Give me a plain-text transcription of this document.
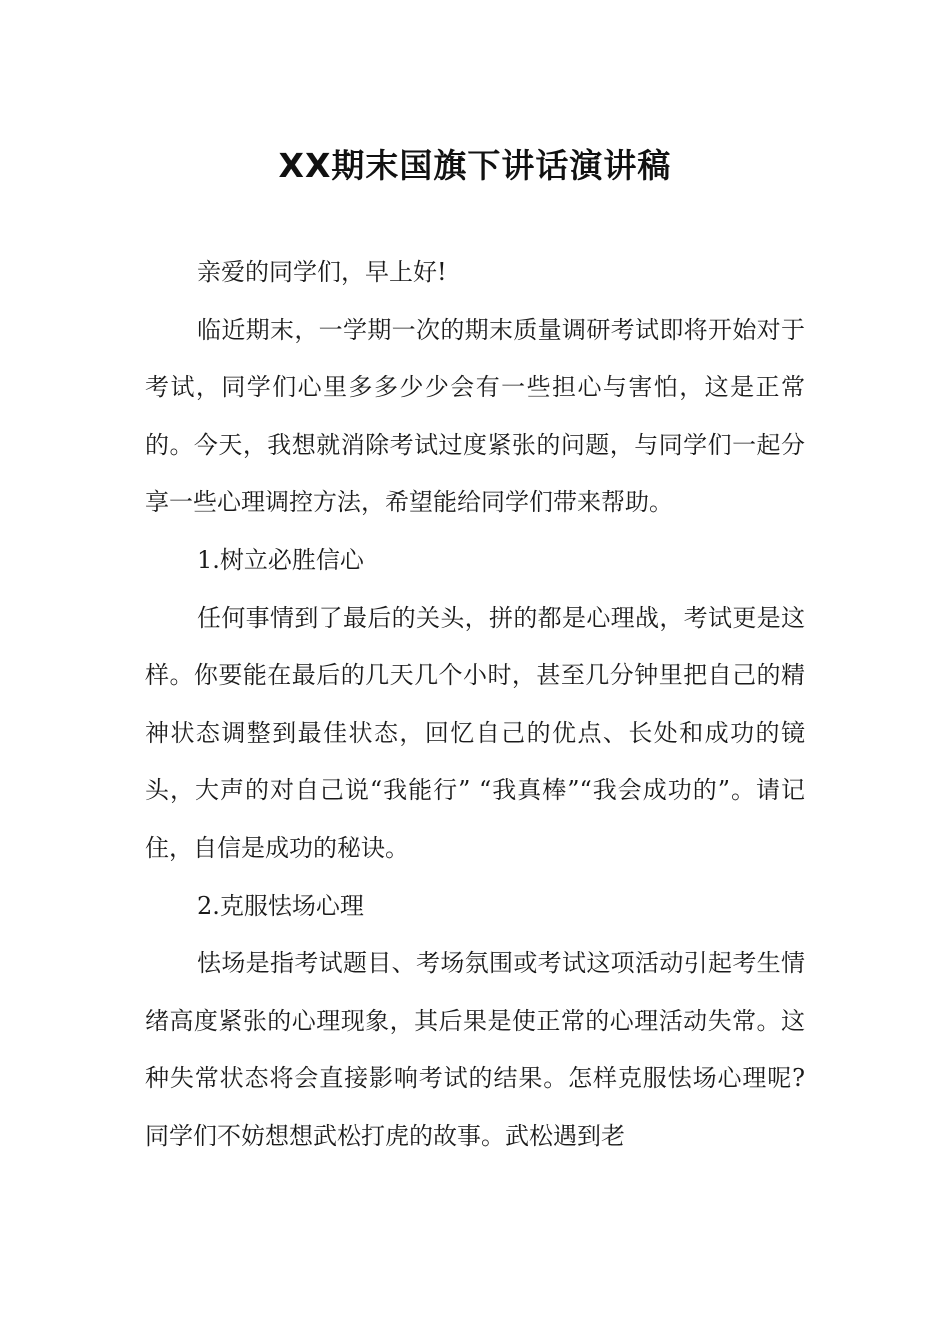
XX期末国旗下讲话演讲稿

亲爱的同学们，早上好!

临近期末，一学期一次的期末质量调研考试即将开始对于考试，同学们心里多多少少会有一些担心与害怕，这是正常的。今天，我想就消除考试过度紧张的问题，与同学们一起分享一些心理调控方法，希望能给同学们带来帮助。

1.树立必胜信心

任何事情到了最后的关头，拼的都是心理战，考试更是这样。你要能在最后的几天几个小时，甚至几分钟里把自己的精神状态调整到最佳状态，回忆自己的优点、长处和成功的镜头，大声的对自己说“我能行” “我真棒”“我会成功的”。请记住，自信是成功的秘诀。

2.克服怯场心理

怯场是指考试题目、考场氛围或考试这项活动引起考生情绪高度紧张的心理现象，其后果是使正常的心理活动失常。这种失常状态将会直接影响考试的结果。怎样克服怯场心理呢?同学们不妨想想武松打虎的故事。武松遇到老
